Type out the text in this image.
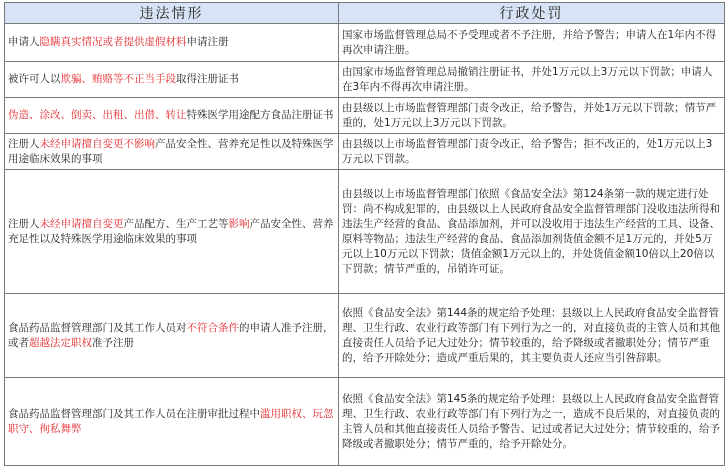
违法情形	行政处罚
申请人隐瞒真实情况或者提供虚假材料申请注册	国家市场监督管理总局不予受理或者不予注册，并给予警告；申请人在1年内不得再次申请注册。
被许可人以欺骗、贿赂等不正当手段取得注册证书	由国家市场监督管理总局撤销注册证书，并处1万元以上3万元以下罚款；申请人在3年内不得再次申请注册。
伪造、涂改、倒卖、出租、出借、转让特殊医学用途配方食品注册证书	由县级以上市场监督管理部门责令改正，给予警告，并处1万元以下罚款；情节严重的，处1万元以上3万元以下罚款。
注册人未经申请擅自变更不影响产品安全性、营养充足性以及特殊医学用途临床效果的事项	由县级以上市场监督管理部门责令改正，给予警告；拒不改正的，处1万元以上3万元以下罚款。
注册人未经申请擅自变更产品配方、生产工艺等影响产品安全性、营养充足性以及特殊医学用途临床效果的事项	由县级以上市场监督管理部门依照《食品安全法》第124条第一款的规定进行处罚：尚不构成犯罪的，由县级以上人民政府食品安全监督管理部门没收违法所得和违法生产经营的食品、食品添加剂，并可以没收用于违法生产经营的工具、设备、原料等物品；违法生产经营的食品、食品添加剂货值金额不足1万元的，并处5万元以上10万元以下罚款；货值金额1万元以上的，并处货值金额10倍以上20倍以下罚款；情节严重的，吊销许可证。
食品药品监督管理部门及其工作人员对不符合条件的申请人准予注册，或者超越法定职权准予注册	依照《食品安全法》第144条的规定给予处理：县级以上人民政府食品安全监督管理、卫生行政、农业行政等部门有下列行为之一的，对直接负责的主管人员和其他直接责任人员给予记大过处分；情节较重的，给予降级或者撤职处分；情节严重的，给予开除处分；造成严重后果的，其主要负责人还应当引咎辞职。
食品药品监督管理部门及其工作人员在注册审批过程中滥用职权、玩忽职守、徇私舞弊	依照《食品安全法》第145条的规定给予处理：县级以上人民政府食品安全监督管理、卫生行政、农业行政等部门有下列行为之一，造成不良后果的，对直接负责的主管人员和其他直接责任人员给予警告、记过或者记大过处分；情节较重的，给予降级或者撤职处分；情节严重的，给予开除处分。
